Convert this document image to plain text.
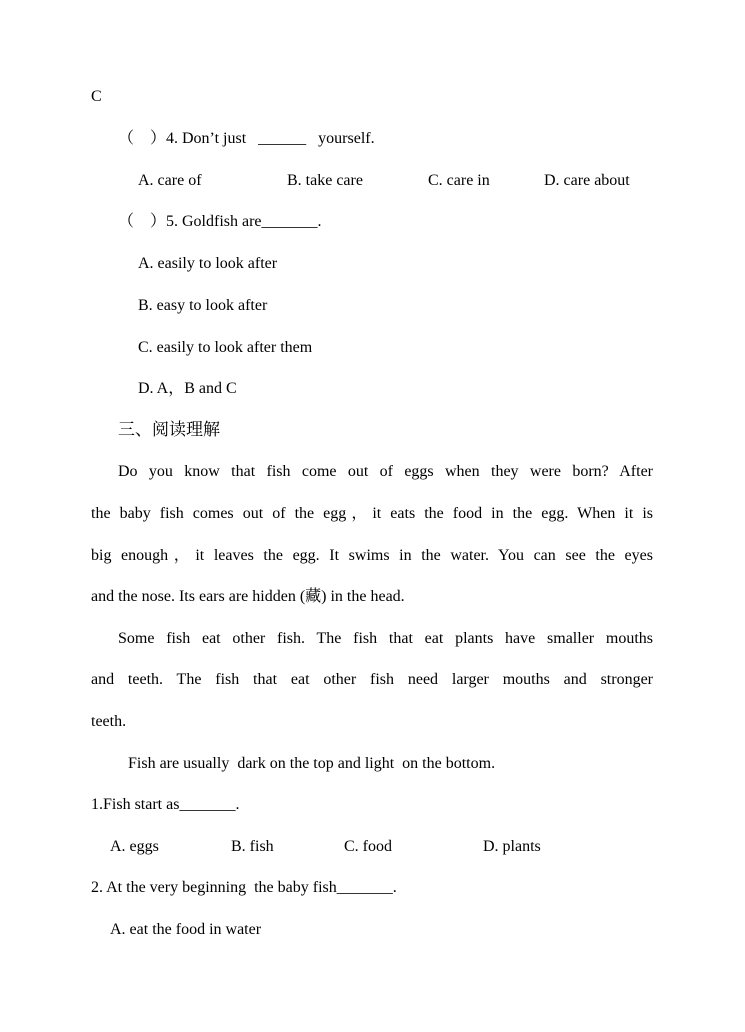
C
（　）4. Don’t just ______ yourself.
A. care of	B. take care	C. care in	D. care about
（　）5. Goldfish are_______.
A. easily to look after
B. easy to look after
C. easily to look after them
D. A，B and C
三、阅读理解
Do you know that fish come out of eggs when they were born? After
the baby fish comes out of the egg，it eats the food in the egg. When it is
big enough，it leaves the egg. It swims in the water. You can see the eyes
and the nose. Its ears are hidden (藏) in the head.
Some fish eat other fish. The fish that eat plants have smaller mouths
and teeth. The fish that eat other fish need larger mouths and stronger
teeth.
Fish are usually  dark on the top and light  on the bottom.
1.Fish start as_______.
A. eggs	B. fish	C. food	D. plants
2. At the very beginning  the baby fish_______.
A. eat the food in water
